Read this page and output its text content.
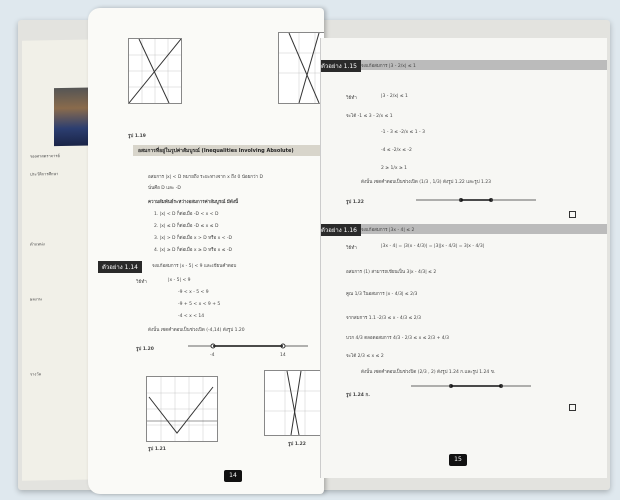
รองศาสตราจารย์
ประวัติการศึกษา
ตำแหน่ง
ผลงาน
รางวัล
รูป 1.19
อสมการที่อยู่ในรูปค่าสัมบูรณ์ (Inequalities Involving Absolute)
อสมการ |x| < D หมายถึง ระยะทางจาก x ถึง 0 น้อยกว่า D
นั่นคือ D และ -D
ความสัมพันธ์ระหว่างอสมการค่าสัมบูรณ์ มีดังนี้
1. |x| < D ก็ต่อเมื่อ -D < x < D
2. |x| ≤ D ก็ต่อเมื่อ -D ≤ x ≤ D
3. |x| > D ก็ต่อเมื่อ x > D หรือ x < -D
4. |x| ≥ D ก็ต่อเมื่อ x ≥ D หรือ x ≤ -D
ตัวอย่าง 1.14	จงแก้อสมการ |x - 5| < 9 และเขียนคำตอบ
วิธีทำ	|x - 5| < 9
-9 < x - 5 < 9
-9 + 5 < x < 9 + 5
-4 < x < 14
ดังนั้น เซตคำตอบเป็นช่วงเปิด (-4,14) ดังรูป 1.20
รูป 1.20
-4	14
รูป 1.21
รูป 1.22
14
ตัวอย่าง 1.15 จงแก้อสมการ |3 - 2/x| ≤ 1
วิธีทำ	|3 - 2/x| ≤ 1
จะได้ -1 ≤ 3 - 2/x ≤ 1
-1 - 3 ≤ -2/x ≤ 1 - 3
-4 ≤ -2/x ≤ -2
2 ≥ 1/x ≥ 1
ดังนั้น เซตคำตอบเป็นช่วงเปิด (1/3 , 1/3) ดังรูป 1.22 และรูป 1.23
รูป 1.22
ตัวอย่าง 1.16 จงแก้อสมการ |3x - 4| ≤ 2
วิธีทำ	|3x - 4| = |3(x - 4/3)| = |3||x - 4/3| = 3|x - 4/3|
อสมการ (1) สามารถเขียนเป็น 3|x - 4/3| ≤ 2
คูณ 1/3 ในอสมการ |x - 4/3| ≤ 2/3
จากสมการ 1.1 -2/3 ≤ x - 4/3 ≤ 2/3
บวก 4/3 ตลอดอสมการ 4/3 - 2/3 ≤ x ≤ 2/3 + 4/3
จะได้ 2/3 ≤ x ≤ 2
ดังนั้น เซตคำตอบเป็นช่วงปิด (2/3 , 2) ดังรูป 1.24 ก.และรูป 1.24 ข.
รูป 1.24 ก.
15
